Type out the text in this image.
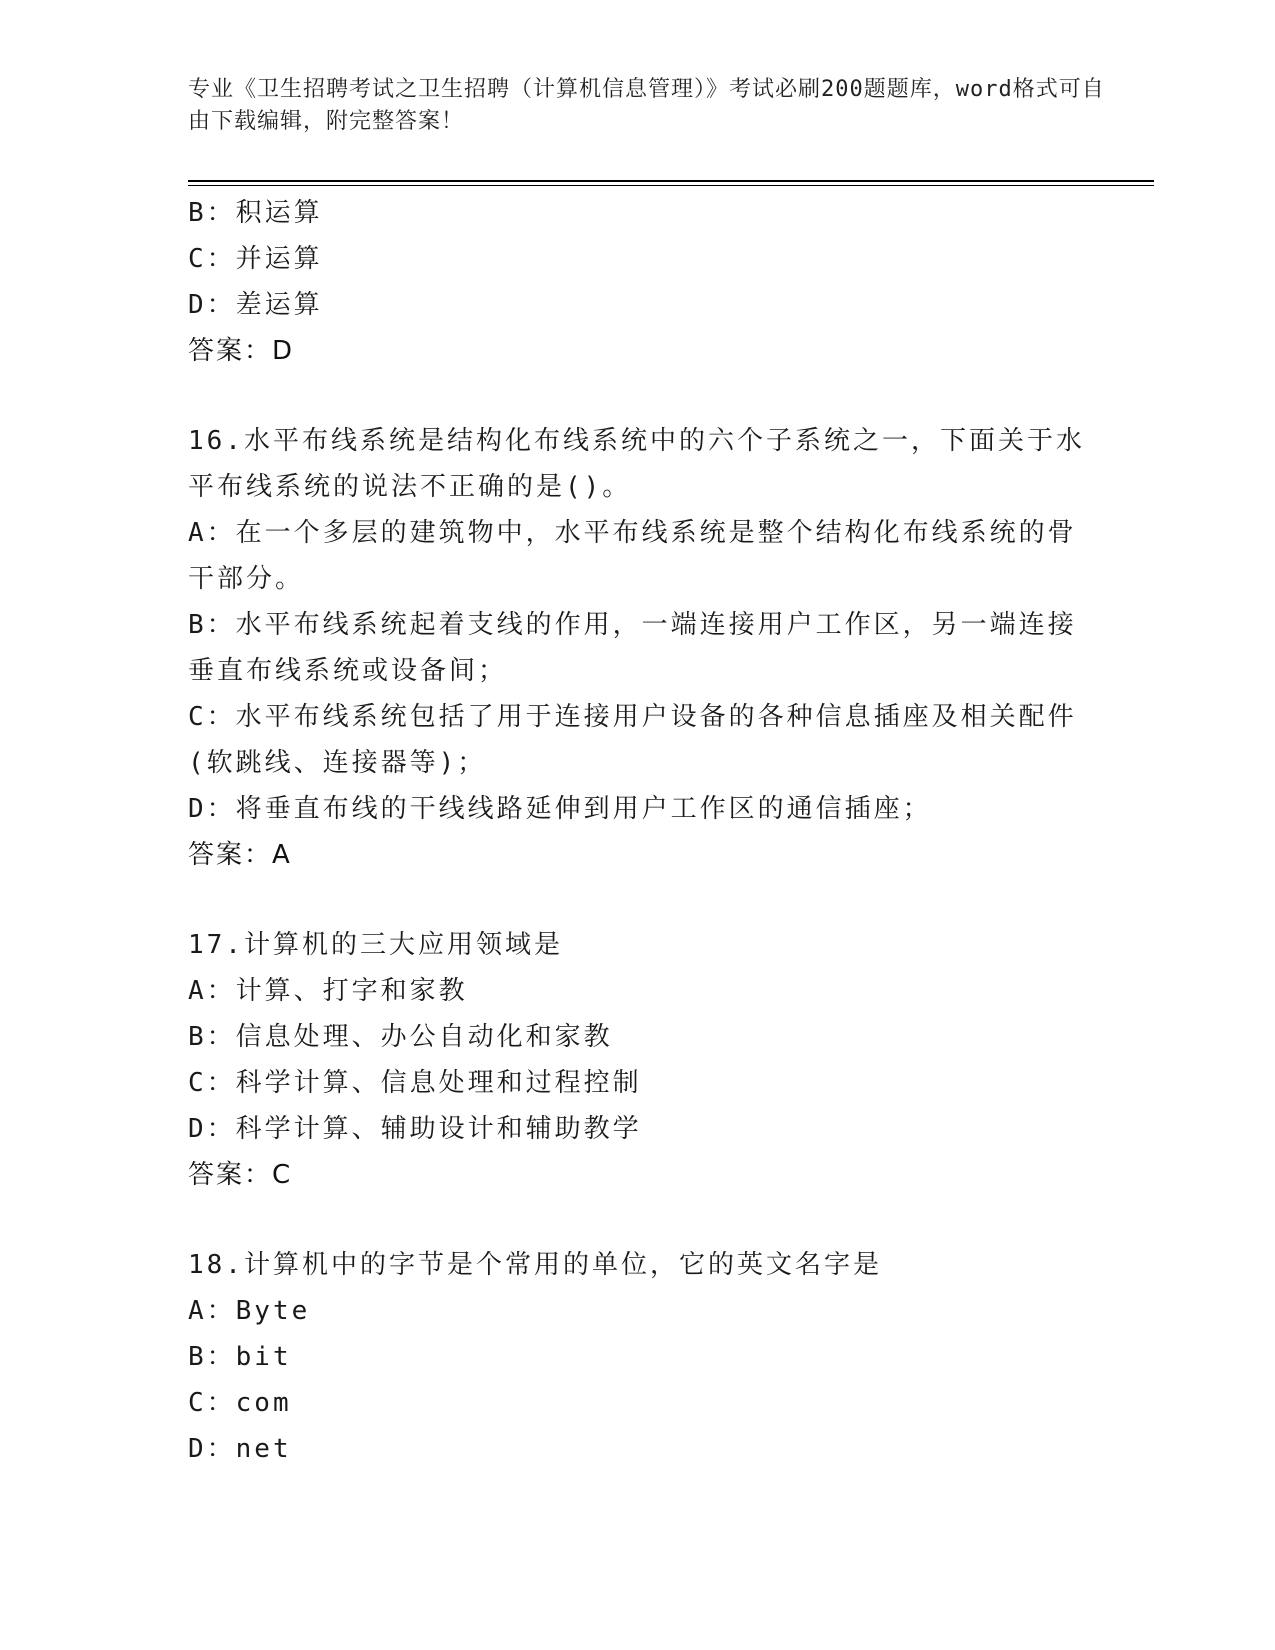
专业《卫生招聘考试之卫生招聘（计算机信息管理）》考试必刷200题题库，word格式可自由下载编辑，附完整答案！
B：积运算
C：并运算
D：差运算
答案：D
16.水平布线系统是结构化布线系统中的六个子系统之一，下面关于水
平布线系统的说法不正确的是()。
A：在一个多层的建筑物中，水平布线系统是整个结构化布线系统的骨
干部分。
B：水平布线系统起着支线的作用，一端连接用户工作区，另一端连接
垂直布线系统或设备间；
C：水平布线系统包括了用于连接用户设备的各种信息插座及相关配件
(软跳线、连接器等)；
D：将垂直布线的干线线路延伸到用户工作区的通信插座；
答案：A
17.计算机的三大应用领域是
A：计算、打字和家教
B：信息处理、办公自动化和家教
C：科学计算、信息处理和过程控制
D：科学计算、辅助设计和辅助教学
答案：C
18.计算机中的字节是个常用的单位，它的英文名字是
A：Byte
B：bit
C：com
D：net
